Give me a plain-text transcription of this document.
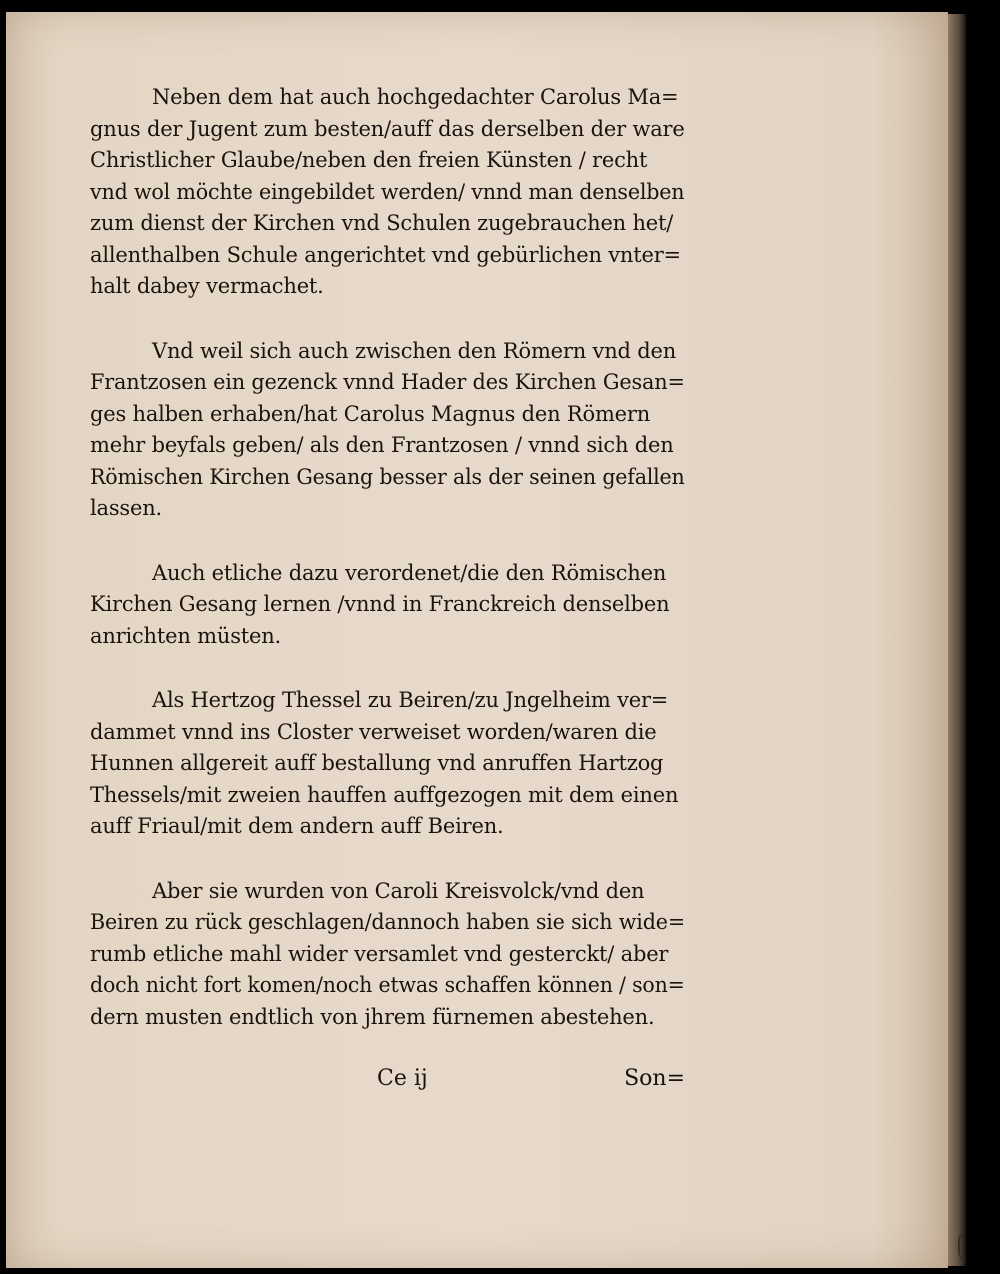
Neben dem hat auch hochgedachter Carolus Ma=
gnus der Jugent zum besten/auff das derselben der ware
Christlicher Glaube/neben den freien Künsten / recht
vnd wol möchte eingebildet werden/ vnnd man denselben
zum dienst der Kirchen vnd Schulen zugebrauchen het/
allenthalben Schule angerichtet vnd gebürlichen vnter=
halt dabey vermachet.
Vnd weil sich auch zwischen den Römern vnd den
Frantzosen ein gezenck vnnd Hader des Kirchen Gesan=
ges halben erhaben/hat Carolus Magnus den Römern
mehr beyfals geben/ als den Frantzosen / vnnd sich den
Römischen Kirchen Gesang besser als der seinen gefallen
lassen.
Auch etliche dazu verordenet/die den Römischen
Kirchen Gesang lernen /vnnd in Franckreich denselben
anrichten müsten.
Als Hertzog Thessel zu Beiren/zu Jngelheim ver=
dammet vnnd ins Closter verweiset worden/waren die
Hunnen allgereit auff bestallung vnd anruffen Hartzog
Thessels/mit zweien hauffen auffgezogen mit dem einen
auff Friaul/mit dem andern auff Beiren.
Aber sie wurden von Caroli Kreisvolck/vnd den
Beiren zu rück geschlagen/dannoch haben sie sich wide=
rumb etliche mahl wider versamlet vnd gesterckt/ aber
doch nicht fort komen/noch etwas schaffen können / son=
dern musten endtlich von jhrem fürnemen abestehen.
Ce ij	Son=
